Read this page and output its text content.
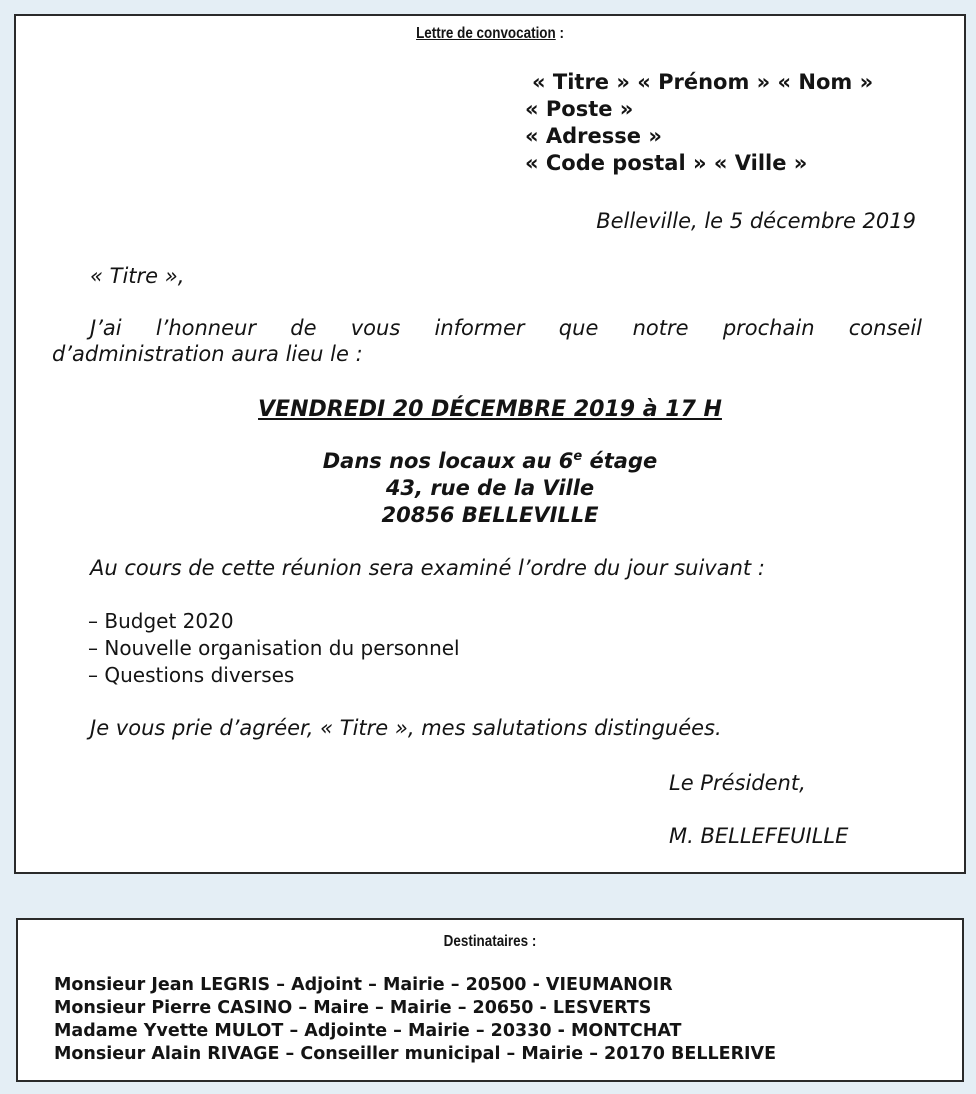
Lettre de convocation :
« Titre » « Prénom » « Nom »
« Poste »
« Adresse »
« Code postal » « Ville »
Belleville, le 5 décembre 2019
« Titre »,
J’ai l’honneur de vous informer que notre prochain conseil
d’administration aura lieu le :
VENDREDI 20 DÉCEMBRE 2019 à 17 H
Dans nos locaux au 6e étage
43, rue de la Ville
20856 BELLEVILLE
Au cours de cette réunion sera examiné l’ordre du jour suivant :
– Budget 2020
– Nouvelle organisation du personnel
– Questions diverses
Je vous prie d’agréer, « Titre », mes salutations distinguées.
Le Président,
M. BELLEFEUILLE
Destinataires :
Monsieur Jean LEGRIS – Adjoint – Mairie – 20500 - VIEUMANOIR
Monsieur Pierre CASINO – Maire – Mairie – 20650 - LESVERTS
Madame Yvette MULOT – Adjointe – Mairie – 20330 - MONTCHAT
Monsieur Alain RIVAGE – Conseiller municipal – Mairie – 20170 BELLERIVE
